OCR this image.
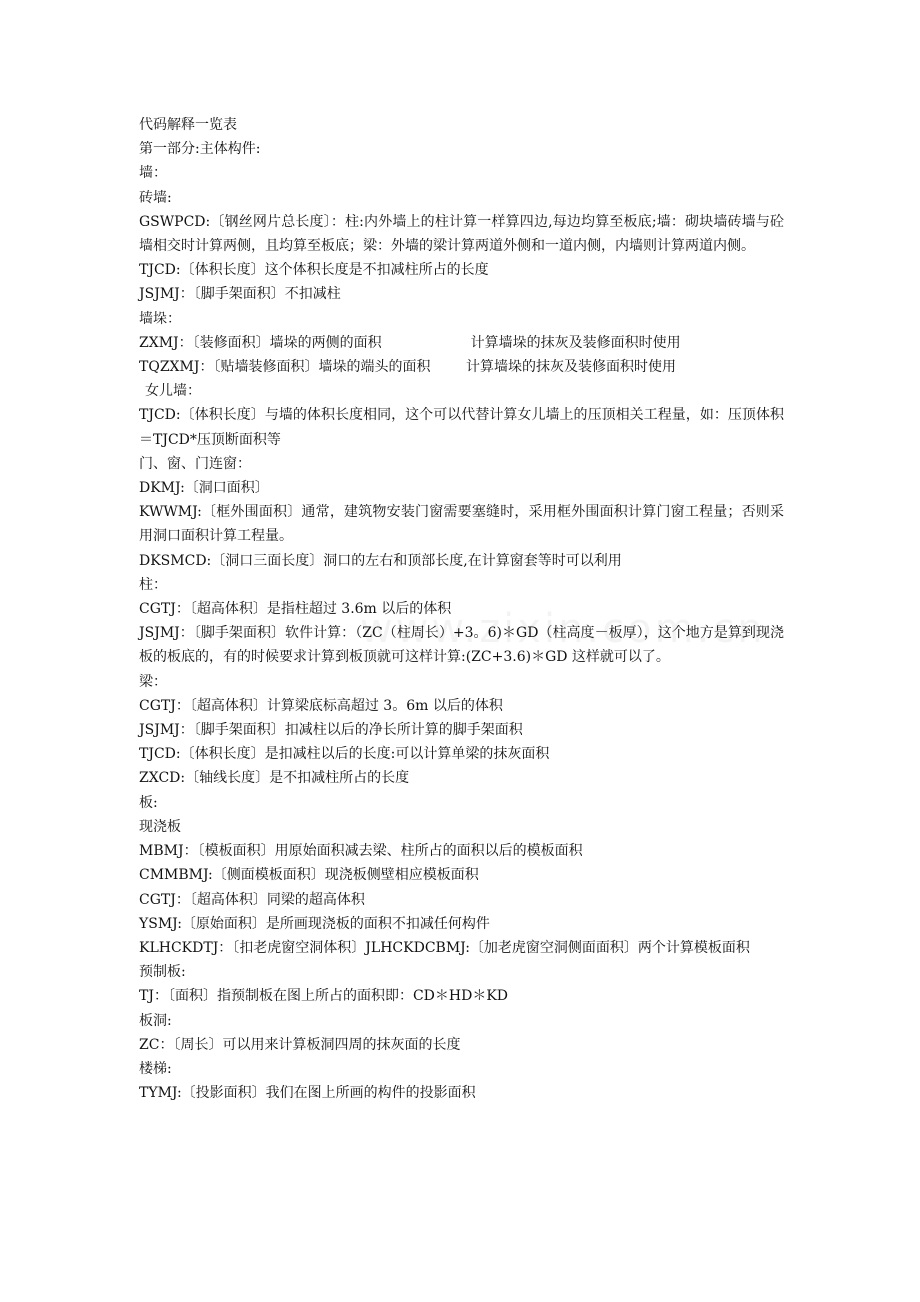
代码解释一览表
第一部分:主体构件:
墙：
砖墙:
GSWPCD:〔钢丝网片总长度〕：柱:内外墙上的柱计算一样算四边,每边均算至板底;墙：砌块墙砖墙与砼墙相交时计算两侧，且均算至板底；梁：外墙的梁计算两道外侧和一道内侧，内墙则计算两道内侧。
TJCD:〔体积长度〕这个体积长度是不扣减柱所占的长度
JSJMJ：〔脚手架面积〕不扣减柱
墙垛：
ZXMJ：〔装修面积〕墙垛的两侧的面积                    计算墙垛的抹灰及装修面积时使用
TQZXMJ：〔贴墙装修面积〕墙垛的端头的面积        计算墙垛的抹灰及装修面积时使用
女儿墙：
TJCD:〔体积长度〕与墙的体积长度相同，这个可以代替计算女儿墙上的压顶相关工程量，如：压顶体积＝TJCD*压顶断面积等
门、窗、门连窗：
DKMJ:〔洞口面积〕
KWWMJ:〔框外围面积〕通常，建筑物安装门窗需要塞缝时，采用框外围面积计算门窗工程量；否则采用洞口面积计算工程量。
DKSMCD:〔洞口三面长度〕洞口的左右和顶部长度,在计算窗套等时可以利用
柱：
CGTJ：〔超高体积〕是指柱超过 3.6m 以后的体积
JSJMJ：〔脚手架面积〕软件计算：（ZC（柱周长）+3。6)＊GD（柱高度－板厚），这个地方是算到现浇板的板底的，有的时候要求计算到板顶就可这样计算:(ZC+3.6)＊GD 这样就可以了。
梁：
CGTJ：〔超高体积〕计算梁底标高超过 3。6m 以后的体积
JSJMJ：〔脚手架面积〕扣减柱以后的净长所计算的脚手架面积
TJCD:〔体积长度〕是扣减柱以后的长度:可以计算单梁的抹灰面积
ZXCD:〔轴线长度〕是不扣减柱所占的长度
板:
现浇板
MBMJ：〔模板面积〕用原始面积减去梁、柱所占的面积以后的模板面积
CMMBMJ:〔侧面模板面积〕现浇板侧壁相应模板面积
CGTJ：〔超高体积〕同梁的超高体积
YSMJ:〔原始面积〕是所画现浇板的面积不扣减任何构件
KLHCKDTJ：〔扣老虎窗空洞体积〕JLHCKDCBMJ:〔加老虎窗空洞侧面面积〕两个计算模板面积
预制板:
TJ：〔面积〕指预制板在图上所占的面积即：CD＊HD＊KD
板洞:
ZC：〔周长〕可以用来计算板洞四周的抹灰面的长度
楼梯:
TYMJ:〔投影面积〕我们在图上所画的构件的投影面积
